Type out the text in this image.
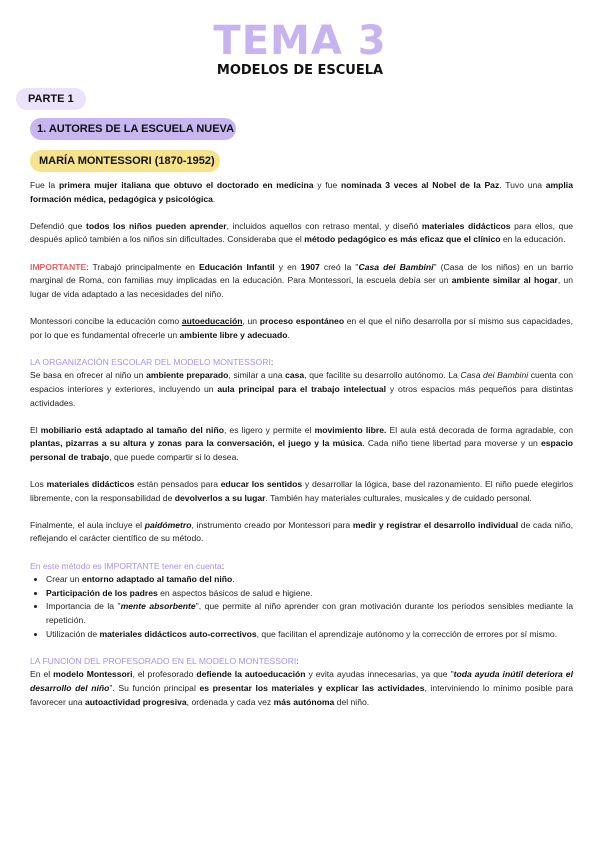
TEMA 3
MODELOS DE ESCUELA
PARTE 1
1. AUTORES DE LA ESCUELA NUEVA
MARÍA MONTESSORI (1870-1952)

Fue la primera mujer italiana que obtuvo el doctorado en medicina y fue nominada 3 veces al Nobel de la Paz. Tuvo una amplia formación médica, pedagógica y psicológica.

Defendió que todos los niños pueden aprender, incluidos aquellos con retraso mental, y diseñó materiales didácticos para ellos, que después aplicó también a los niños sin dificultades. Consideraba que el método pedagógico es más eficaz que el clínico en la educación.

IMPORTANTE: Trabajó principalmente en Educación Infantil y en 1907 creó la "Casa dei Bambini" (Casa de los niños) en un barrio marginal de Roma, con familias muy implicadas en la educación. Para Montessori, la escuela debía ser un ambiente similar al hogar, un lugar de vida adaptado a las necesidades del niño.

Montessori concibe la educación como autoeducación, un proceso espontáneo en el que el niño desarrolla por sí mismo sus capacidades, por lo que es fundamental ofrecerle un ambiente libre y adecuado.

LA ORGANIZACIÓN ESCOLAR DEL MODELO MONTESSORI:

Se basa en ofrecer al niño un ambiente preparado, similar a una casa, que facilite su desarrollo autónomo. La Casa dei Bambini cuenta con espacios interiores y exteriores, incluyendo un aula principal para el trabajo intelectual y otros espacios más pequeños para distintas actividades.

El mobiliario está adaptado al tamaño del niño, es ligero y permite el movimiento libre. El aula está decorada de forma agradable, con plantas, pizarras a su altura y zonas para la conversación, el juego y la música. Cada niño tiene libertad para moverse y un espacio personal de trabajo, que puede compartir si lo desea.

Los materiales didácticos están pensados para educar los sentidos y desarrollar la lógica, base del razonamiento. El niño puede elegirlos libremente, con la responsabilidad de devolverlos a su lugar. También hay materiales culturales, musicales y de cuidado personal.

Finalmente, el aula incluye el paidómetro, instrumento creado por Montessori para medir y registrar el desarrollo individual de cada niño, reflejando el carácter científico de su método.

En este método es IMPORTANTE tener en cuenta:

• Crear un entorno adaptado al tamaño del niño.
• Participación de los padres en aspectos básicos de salud e higiene.
• Importancia de la "mente absorbente", que permite al niño aprender con gran motivación durante los periodos sensibles mediante la repetición.
• Utilización de materiales didácticos auto-correctivos, que facilitan el aprendizaje autónomo y la corrección de errores por sí mismo.

LA FUNCIÓN DEL PROFESORADO EN EL MODELO MONTESSORI:

En el modelo Montessori, el profesorado defiende la autoeducación y evita ayudas innecesarias, ya que "toda ayuda inútil deteriora el desarrollo del niño". Su función principal es presentar los materiales y explicar las actividades, interviniendo lo mínimo posible para favorecer una autoactividad progresiva, ordenada y cada vez más autónoma del niño.
